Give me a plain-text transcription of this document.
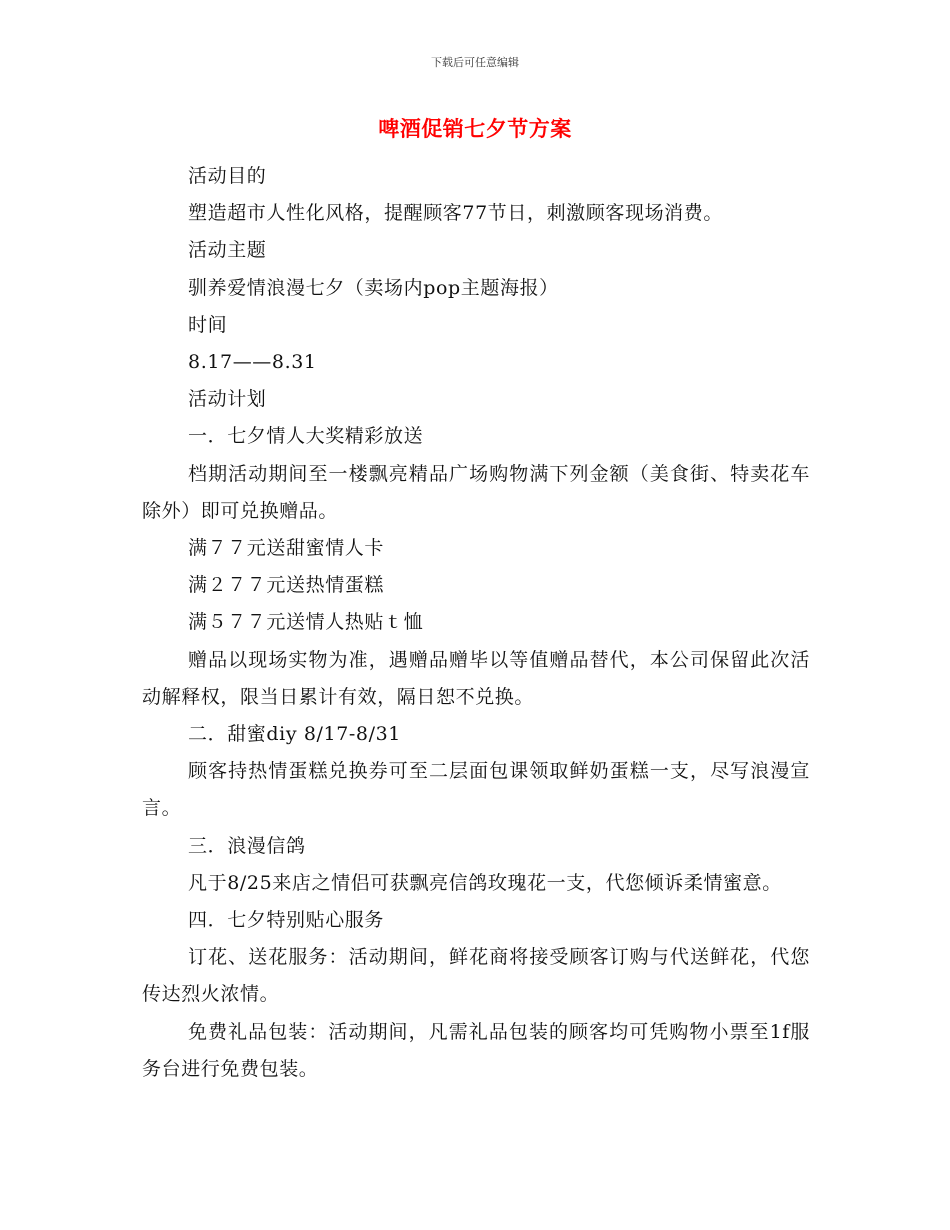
下载后可任意编辑
啤酒促销七夕节方案

活动目的

塑造超市人性化风格，提醒顾客77节日，刺激顾客现场消费。

活动主题

驯养爱情浪漫七夕（卖场内pop主题海报）

时间

8.17——8.31

活动计划

一．七夕情人大奖精彩放送

档期活动期间至一楼飘亮精品广场购物满下列金额（美食街、特卖花车除外）即可兑换赠品。

满７７元送甜蜜情人卡

满２７７元送热情蛋糕

满５７７元送情人热贴ｔ恤

赠品以现场实物为准，遇赠品赠毕以等值赠品替代，本公司保留此次活动解释权，限当日累计有效，隔日恕不兑换。

二．甜蜜diy 8/17-8/31

顾客持热情蛋糕兑换券可至二层面包课领取鲜奶蛋糕一支，尽写浪漫宣言。

三．浪漫信鸽

凡于8/25来店之情侣可获飘亮信鸽玫瑰花一支，代您倾诉柔情蜜意。

四．七夕特别贴心服务

订花、送花服务：活动期间，鲜花商将接受顾客订购与代送鲜花，代您传达烈火浓情。

免费礼品包装：活动期间，凡需礼品包装的顾客均可凭购物小票至1f服务台进行免费包装。
